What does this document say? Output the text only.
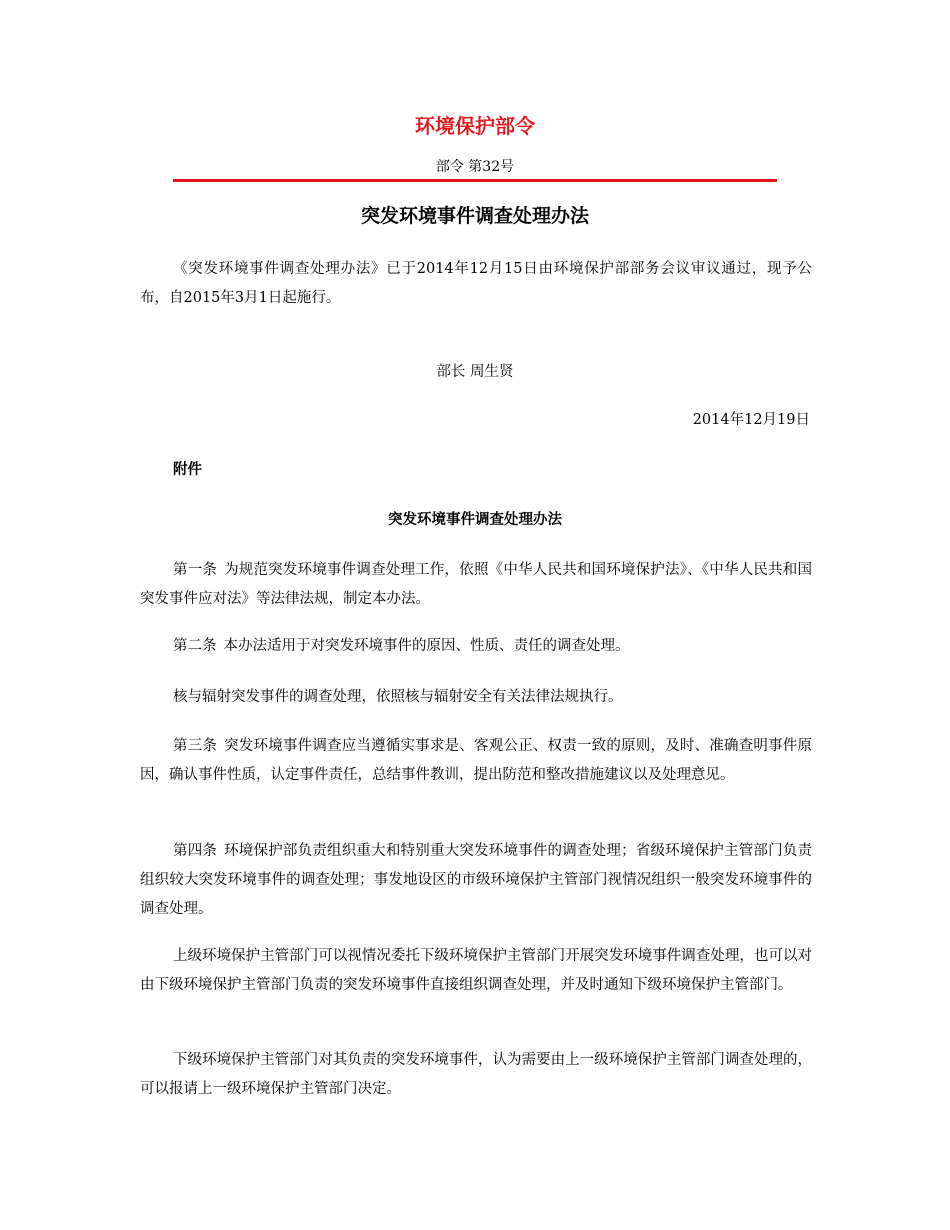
环境保护部令
部令 第32号
突发环境事件调查处理办法

《突发环境事件调查处理办法》已于2014年12月15日由环境保护部部务会议审议通过，现予公布，自2015年3月1日起施行。

部长 周生贤
2014年12月19日
附件
突发环境事件调查处理办法

第一条 为规范突发环境事件调查处理工作，依照《中华人民共和国环境保护法》、《中华人民共和国突发事件应对法》等法律法规，制定本办法。

第二条 本办法适用于对突发环境事件的原因、性质、责任的调查处理。

核与辐射突发事件的调查处理，依照核与辐射安全有关法律法规执行。

第三条 突发环境事件调查应当遵循实事求是、客观公正、权责一致的原则，及时、准确查明事件原因，确认事件性质，认定事件责任，总结事件教训，提出防范和整改措施建议以及处理意见。

第四条 环境保护部负责组织重大和特别重大突发环境事件的调查处理；省级环境保护主管部门负责组织较大突发环境事件的调查处理；事发地设区的市级环境保护主管部门视情况组织一般突发环境事件的调查处理。

上级环境保护主管部门可以视情况委托下级环境保护主管部门开展突发环境事件调查处理，也可以对由下级环境保护主管部门负责的突发环境事件直接组织调查处理，并及时通知下级环境保护主管部门。

下级环境保护主管部门对其负责的突发环境事件，认为需要由上一级环境保护主管部门调查处理的，可以报请上一级环境保护主管部门决定。
